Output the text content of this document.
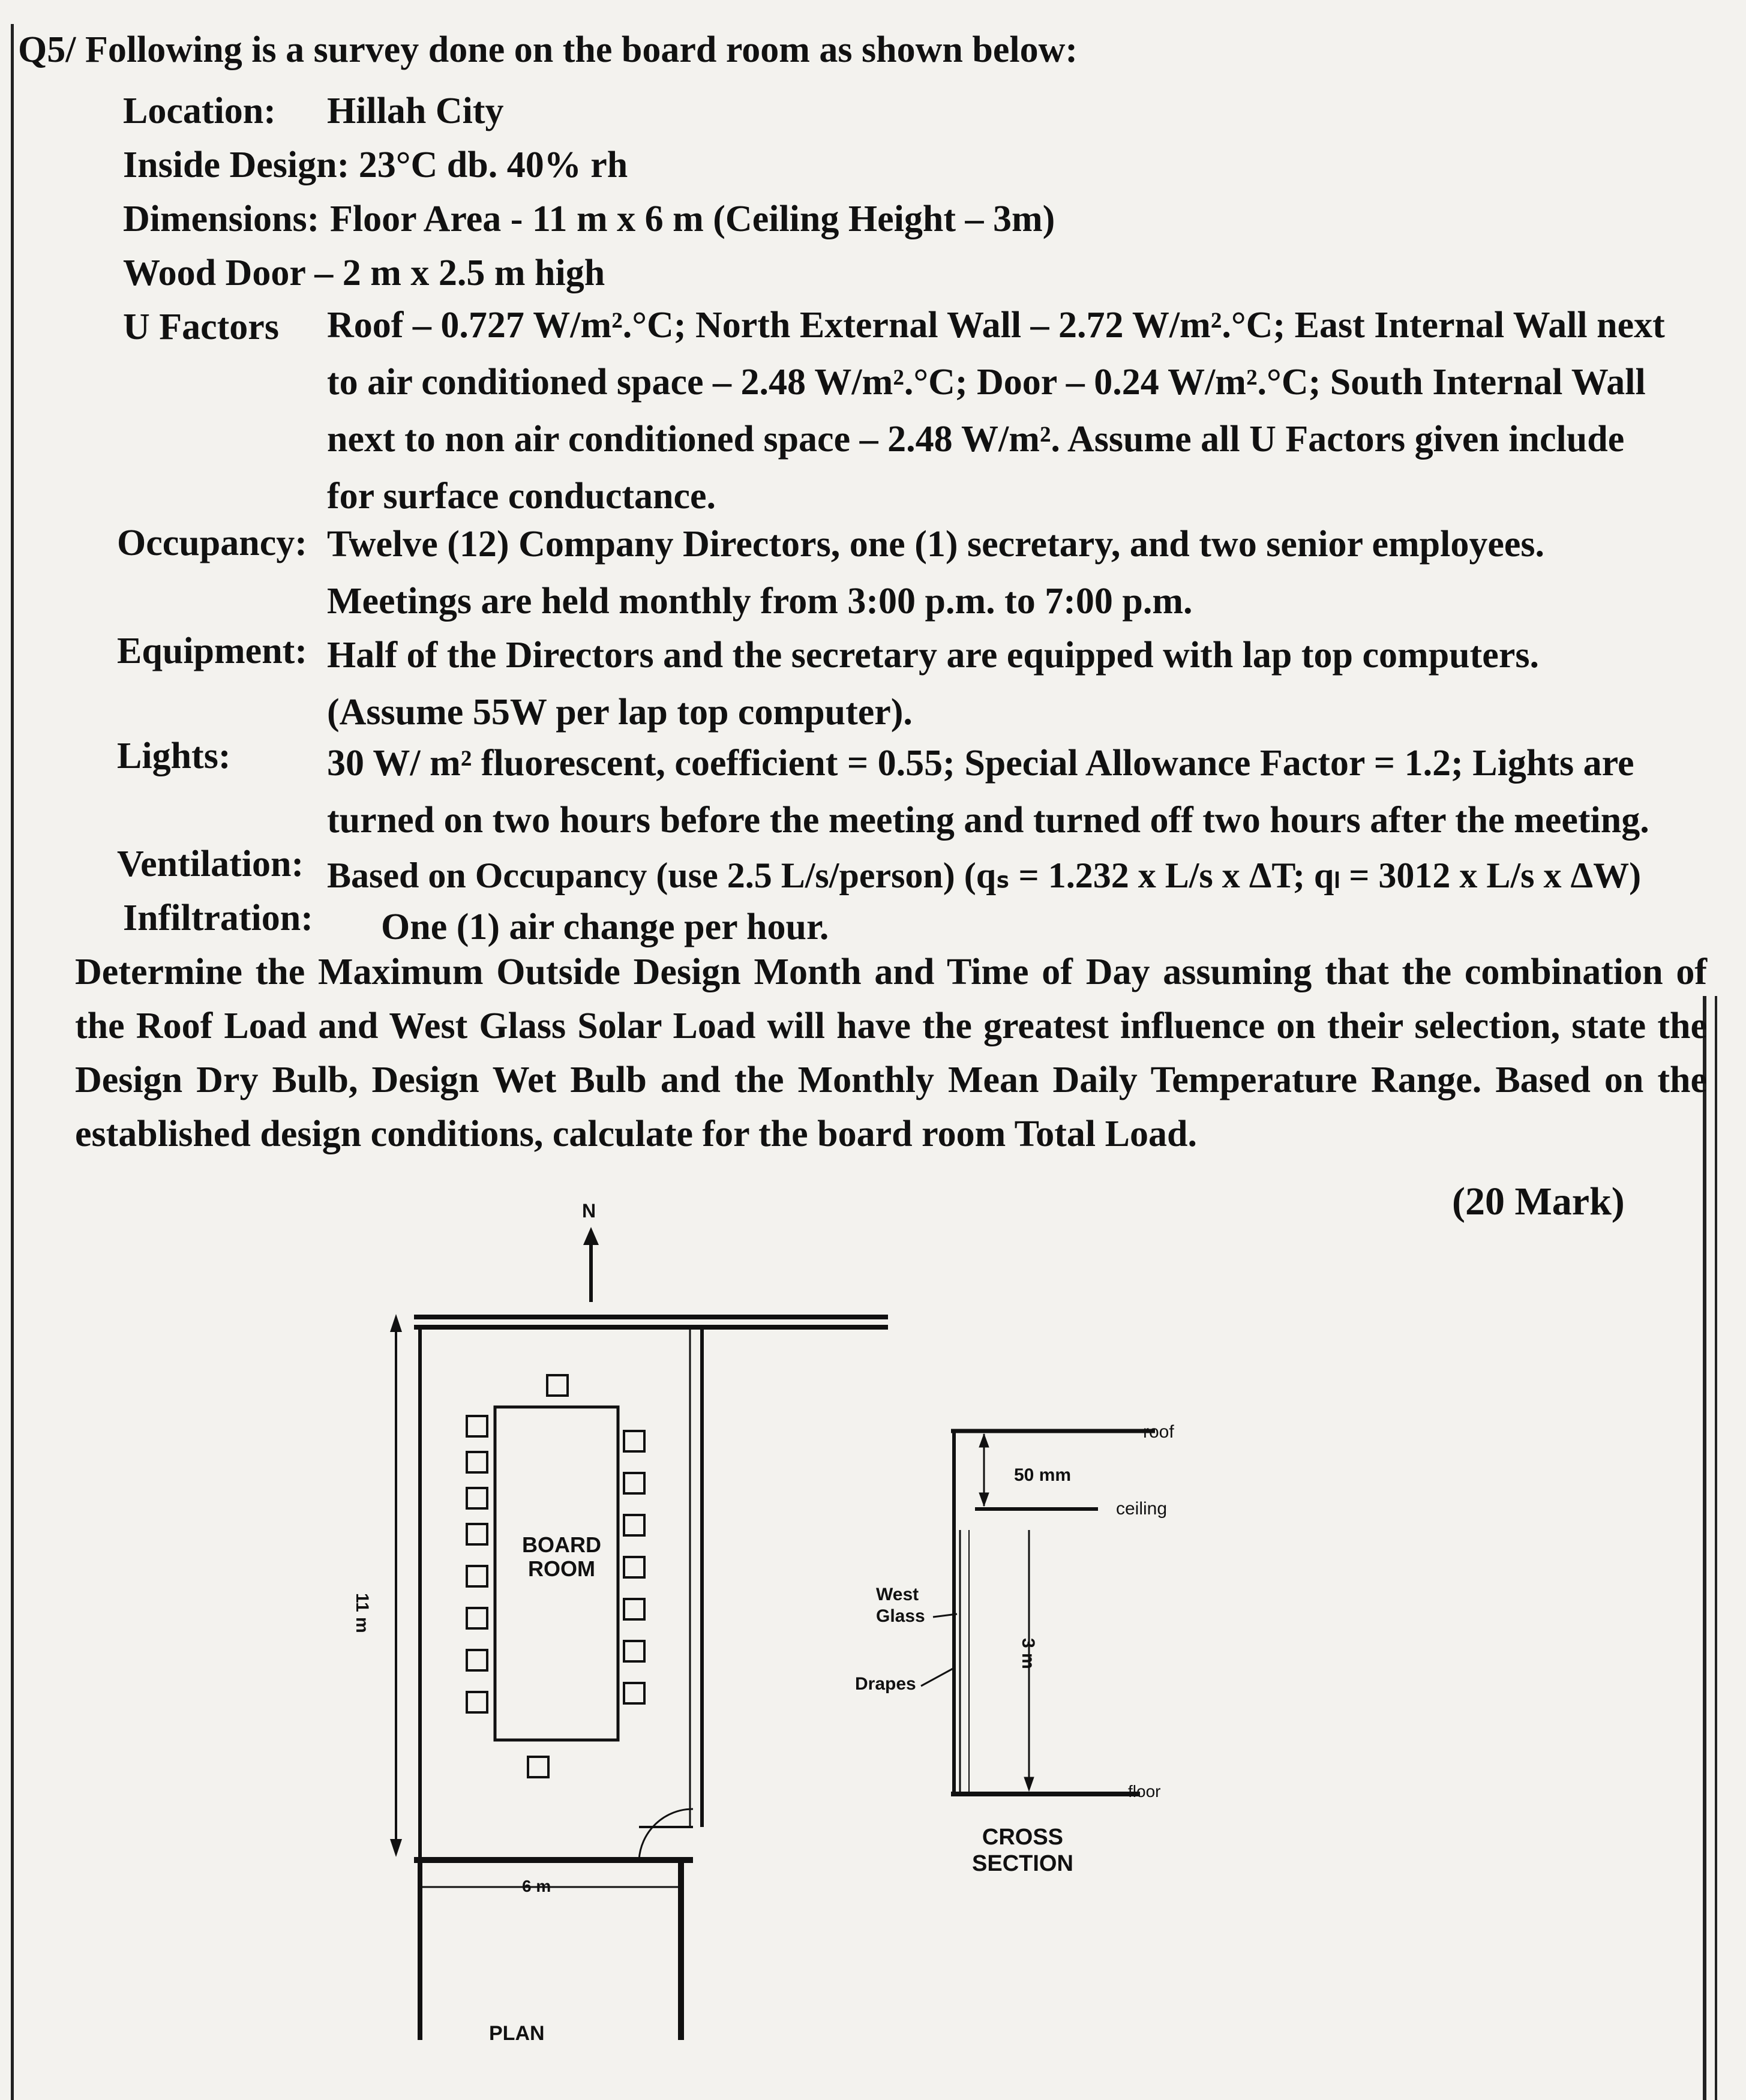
Q5/ Following is a survey done on the board room as shown below:
Location: Hillah City
Inside Design: 23°C db. 40% rh
Dimensions: Floor Area - 11 m x 6 m (Ceiling Height – 3m)
Wood Door – 2 m x 2.5 m high
U Factors Roof – 0.727 W/m².°C; North External Wall – 2.72 W/m².°C; East Internal Wall next to air conditioned space – 2.48 W/m².°C; Door – 0.24 W/m².°C; South Internal Wall next to non air conditioned space – 2.48 W/m². Assume all U Factors given include for surface conductance.
Occupancy: Twelve (12) Company Directors, one (1) secretary, and two senior employees. Meetings are held monthly from 3:00 p.m. to 7:00 p.m.
Equipment: Half of the Directors and the secretary are equipped with lap top computers. (Assume 55W per lap top computer).
Lights:	30 W/ m² fluorescent, coefficient = 0.55; Special Allowance Factor = 1.2; Lights are turned on two hours before the meeting and turned off two hours after the meeting.
Ventilation: Based on Occupancy (use 2.5 L/s/person) (qₛ = 1.232 x L/s x ΔT; qₗ = 3012 x L/s x ΔW)
Infiltration: One (1) air change per hour.
Determine the Maximum Outside Design Month and Time of Day assuming that the combination of the Roof Load and West Glass Solar Load will have the greatest influence on their selection, state the Design Dry Bulb, Design Wet Bulb and the Monthly Mean Daily Temperature Range. Based on the established design conditions, calculate for the board room Total Load.
(20 Mark)
N
11 m
BOARD
ROOM
6 m
PLAN
roof
ceiling
floor
50 mm
3 m
West
Glass
Drapes
CROSS
SECTION
